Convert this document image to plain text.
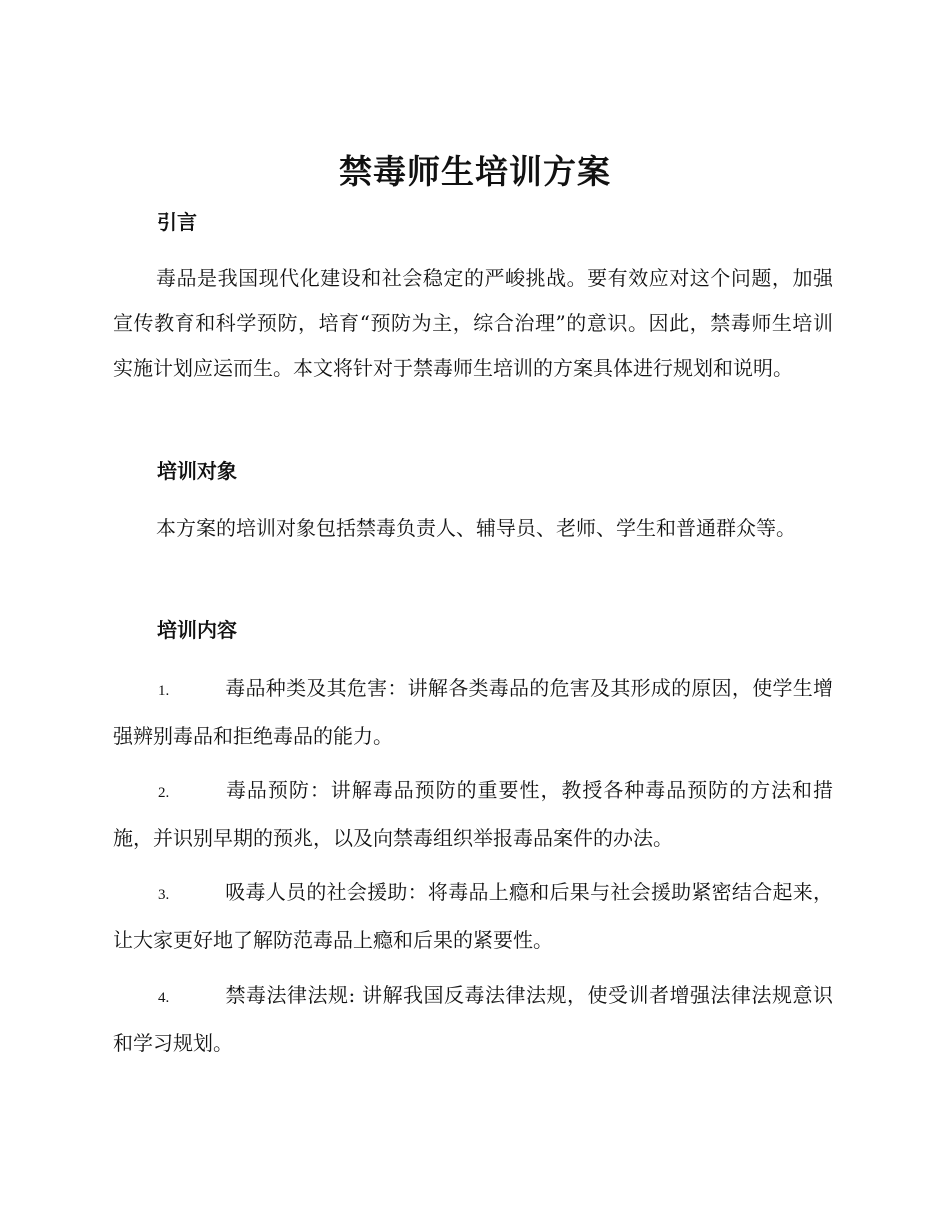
禁毒师生培训方案
引言

毒品是我国现代化建设和社会稳定的严峻挑战。要有效应对这个问题，加强宣传教育和科学预防，培育“预防为主，综合治理”的意识。因此，禁毒师生培训实施计划应运而生。本文将针对于禁毒师生培训的方案具体进行规划和说明。

培训对象

本方案的培训对象包括禁毒负责人、辅导员、老师、学生和普通群众等。

培训内容

1.	毒品种类及其危害：讲解各类毒品的危害及其形成的原因，使学生增强辨别毒品和拒绝毒品的能力。

2.	毒品预防：讲解毒品预防的重要性，教授各种毒品预防的方法和措施，并识别早期的预兆，以及向禁毒组织举报毒品案件的办法。

3.	吸毒人员的社会援助：将毒品上瘾和后果与社会援助紧密结合起来，让大家更好地了解防范毒品上瘾和后果的紧要性。

4.	禁毒法律法规: 讲解我国反毒法律法规，使受训者增强法律法规意识和学习规划。
